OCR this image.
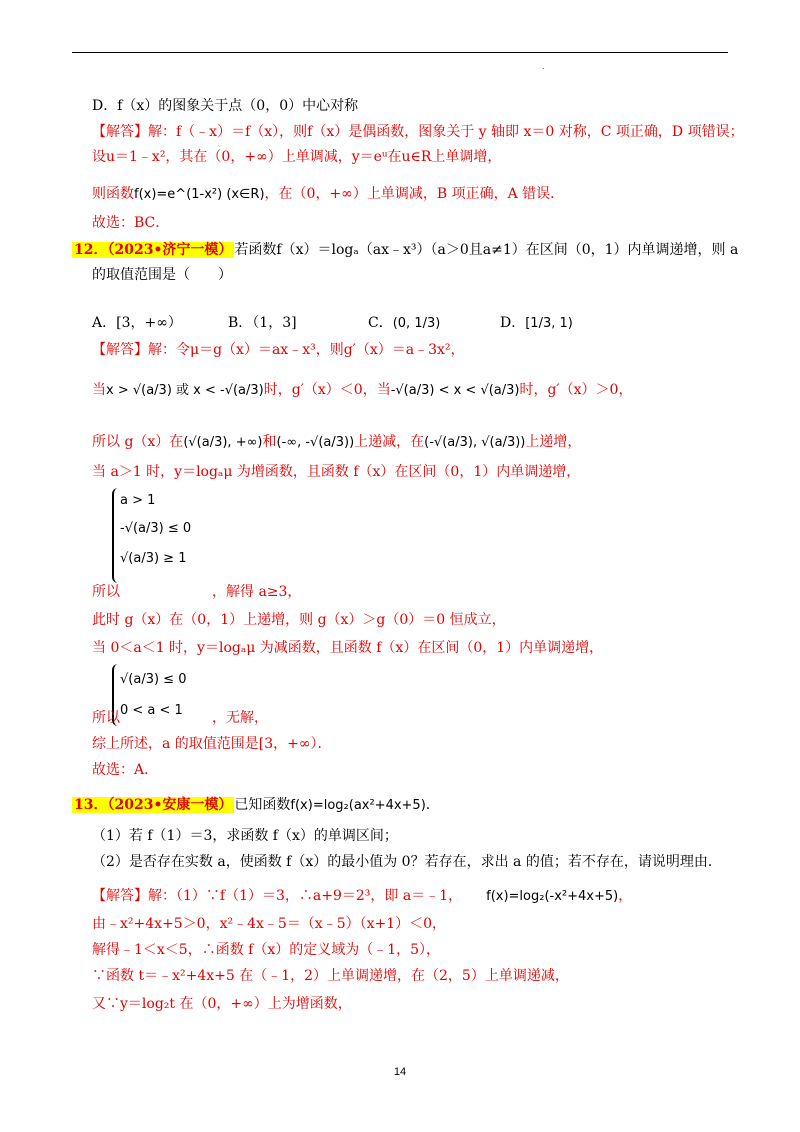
.
D．f（x）的图象关于点（0，0）中心对称
【解答】解：f（﹣x）＝f（x），则f（x）是偶函数，图象关于 y 轴即 x＝0 对称，C 项正确，D 项错误；
设u＝1﹣x²，其在（0，+∞）上单调减，y＝eᵘ在u∈R上单调增，
则函数f(x)=e^(1-x²) (x∈R)，在（0，+∞）上单调减，B 项正确，A 错误．
故选：BC．
12．（2023•济宁一模） 若函数f（x）＝logₐ（ax﹣x³）（a＞0且a≠1）在区间（0，1）内单调递增，则 a
的取值范围是（　　）
A．[3，+∞）	B．（1，3]	C．(0, 1/3)	D．[1/3, 1)
【解答】解：令μ＝g（x）＝ax﹣x³，则g′（x）＝a﹣3x²，
当x > √(a/3) 或 x < -√(a/3)时，g′（x）＜0，当-√(a/3) < x < √(a/3)时，g′（x）＞0，
所以 g（x）在(√(a/3), +∞)和(-∞, -√(a/3))上递减，在(-√(a/3), √(a/3))上递增，
当 a＞1 时，y＝logₐμ 为增函数，且函数 f（x）在区间（0，1）内单调递增，
a > 1
-√(a/3) ≤ 0
√(a/3) ≥ 1
所以	，解得 a≥3，
此时 g（x）在（0，1）上递增，则 g（x）＞g（0）＝0 恒成立，
当 0＜a＜1 时，y＝logₐμ 为减函数，且函数 f（x）在区间（0，1）内单调递增，
√(a/3) ≤ 0
0 < a < 1
所以	，无解，
综上所述，a 的取值范围是[3，+∞）．
故选：A．
13．（2023•安康一模） 已知函数f(x)=log₂(ax²+4x+5)．
（1）若 f（1）＝3，求函数 f（x）的单调区间；
（2）是否存在实数 a，使函数 f（x）的最小值为 0？若存在，求出 a 的值；若不存在，请说明理由．
【解答】解：（1）∵f（1）＝3，∴a+9＝2³，即 a＝﹣1， f(x)=log₂(-x²+4x+5)，
由﹣x²+4x+5＞0，x²﹣4x﹣5＝（x﹣5）（x+1）＜0，
解得﹣1＜x＜5，∴函数 f（x）的定义域为（﹣1，5），
∵函数 t＝﹣x²+4x+5 在（﹣1，2）上单调递增，在（2，5）上单调递减，
又∵y＝log₂t 在（0，+∞）上为增函数，
14
